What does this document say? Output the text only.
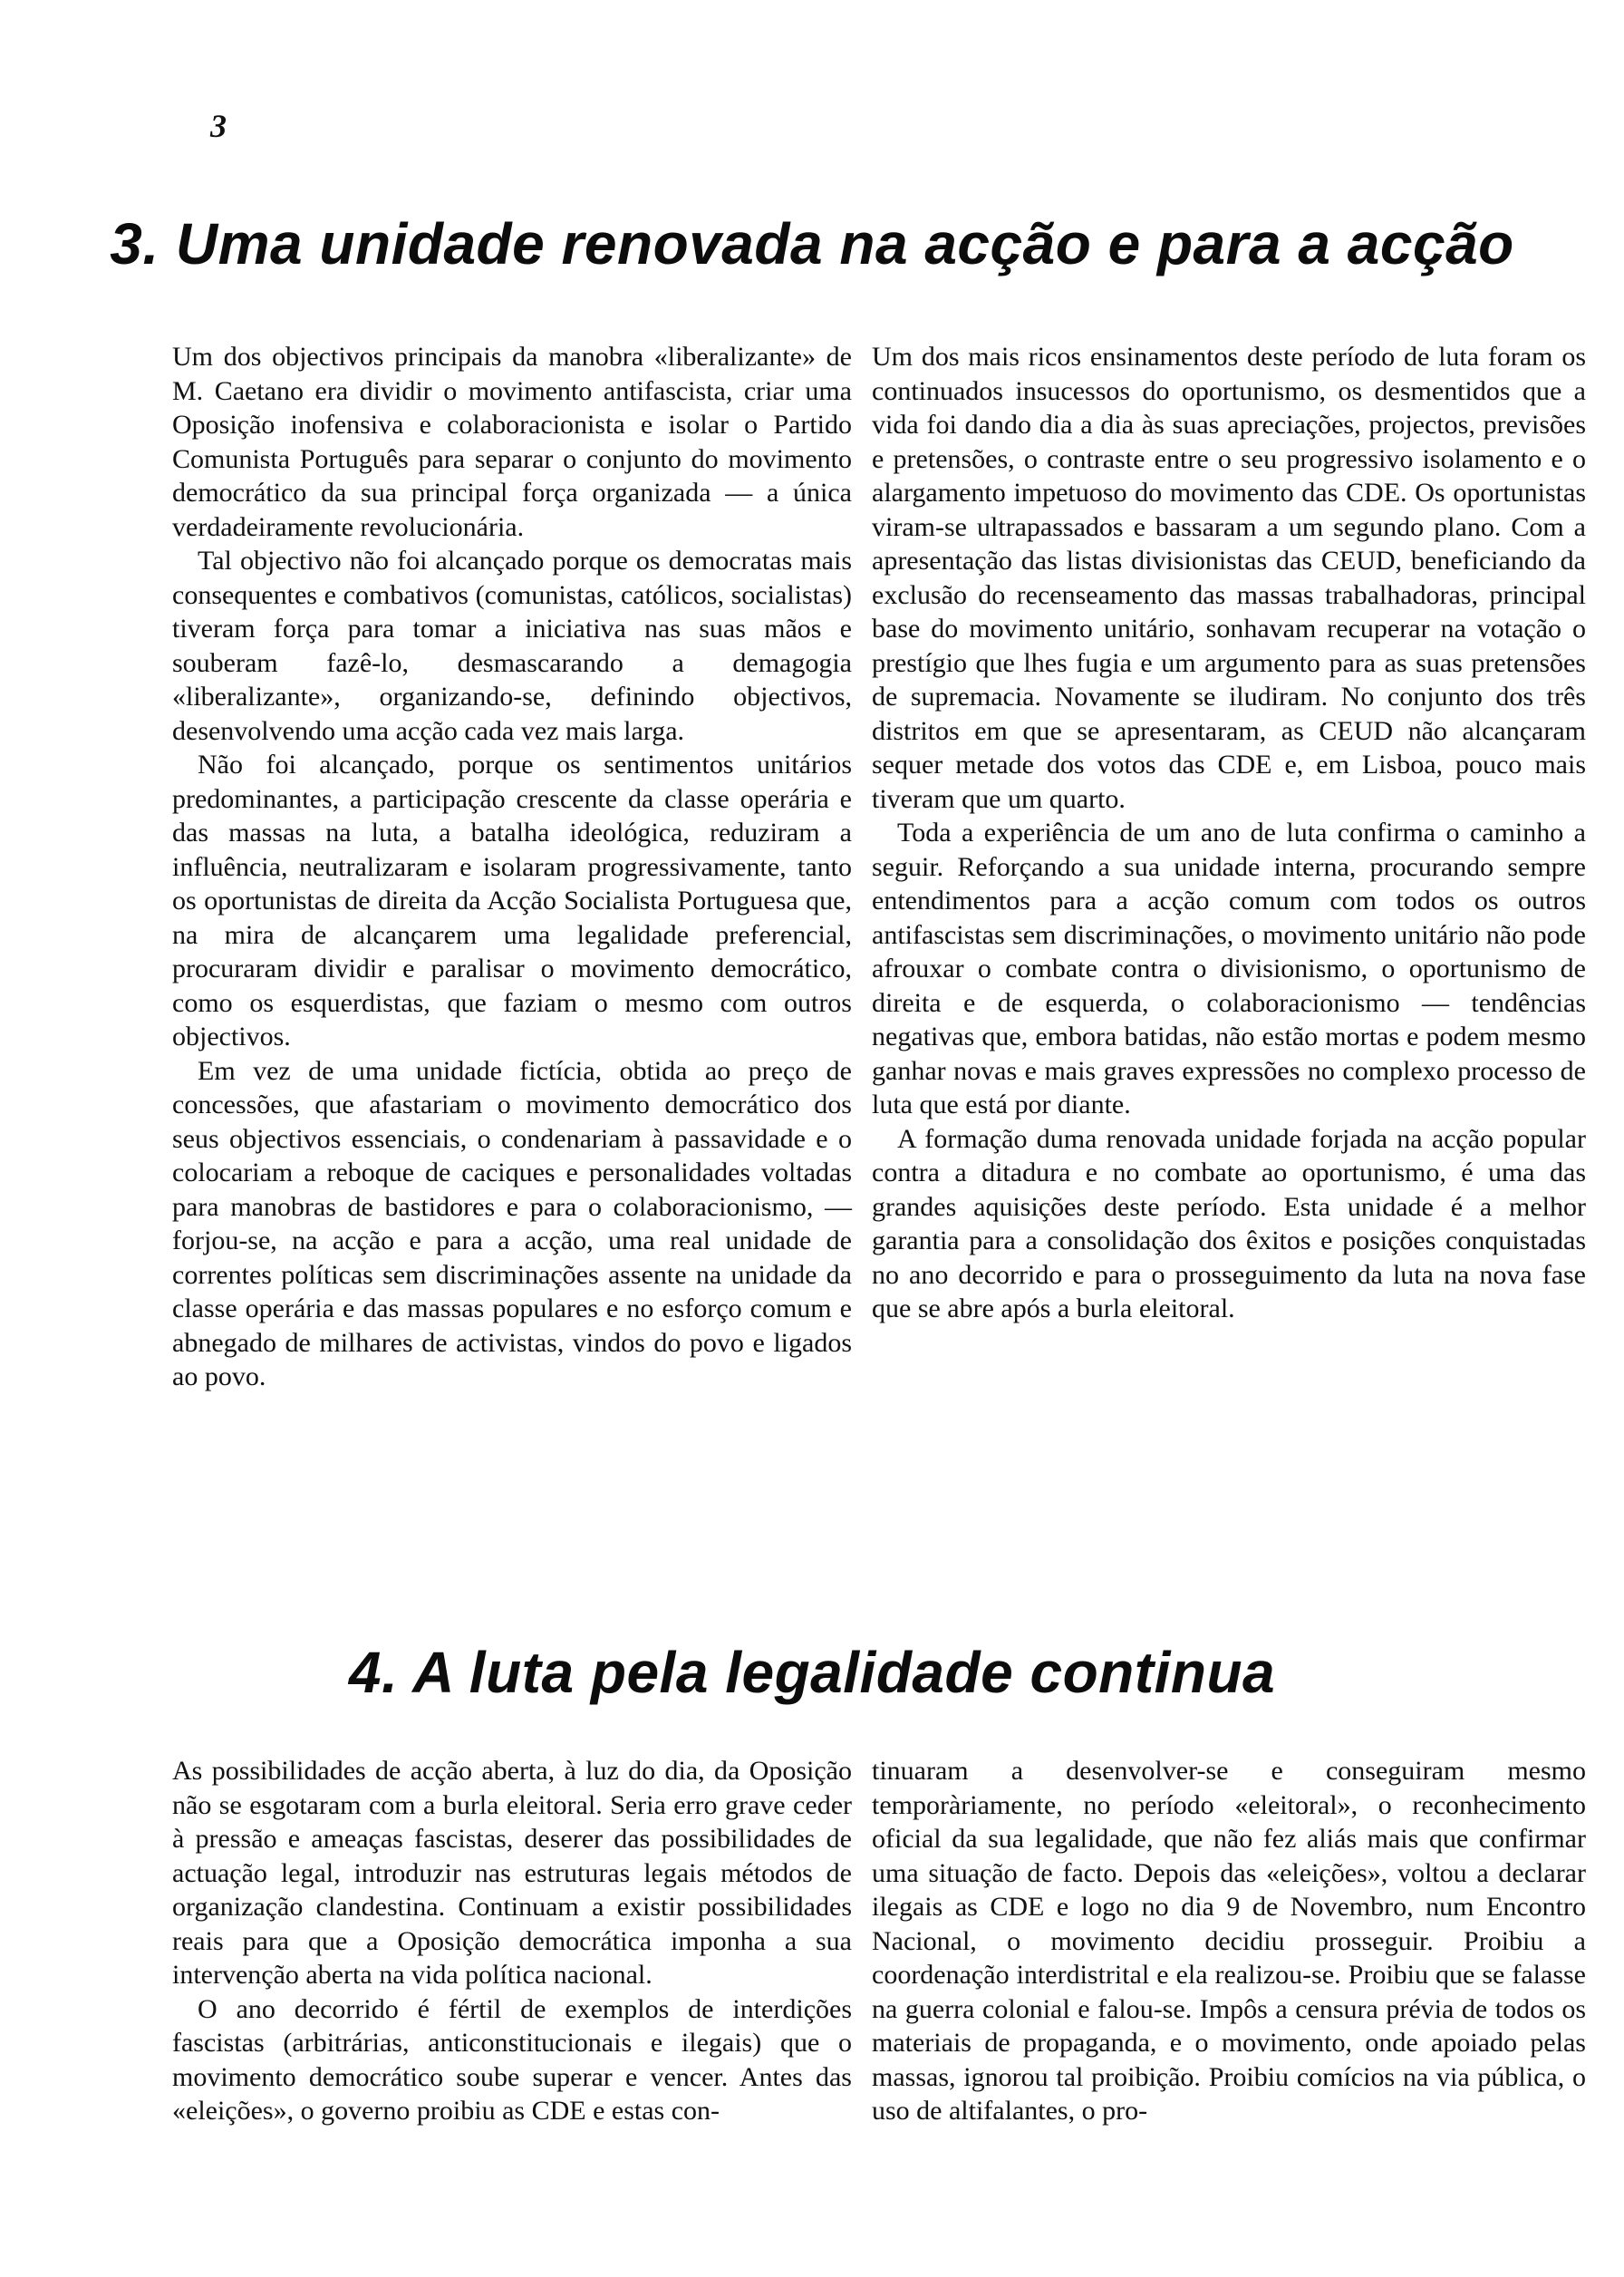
3
3. Uma unidade renovada na acção e para a acção

Um dos objectivos principais da manobra «liberalizante» de M. Caetano era dividir o movimento antifascista, criar uma Oposição inofensiva e colaboracionista e isolar o Partido Comunista Português para separar o conjunto do movimento democrático da sua principal força organizada — a única verdadeiramente revolucionária.

Tal objectivo não foi alcançado porque os democratas mais consequentes e combativos (comunistas, católicos, socialistas) tiveram força para tomar a iniciativa nas suas mãos e souberam fazê-lo, desmascarando a demagogia «liberalizante», organizando-se, definindo objectivos, desenvolvendo uma acção cada vez mais larga.

Não foi alcançado, porque os sentimentos unitários predominantes, a participação crescente da classe operária e das massas na luta, a batalha ideológica, reduziram a influência, neutralizaram e isolaram progressivamente, tanto os oportunistas de direita da Acção Socialista Portuguesa que, na mira de alcançarem uma legalidade preferencial, procuraram dividir e paralisar o movimento democrático, como os esquerdistas, que faziam o mesmo com outros objectivos.

Em vez de uma unidade fictícia, obtida ao preço de concessões, que afastariam o movimento democrático dos seus objectivos essenciais, o condenariam à passavidade e o colocariam a reboque de caciques e personalidades voltadas para manobras de bastidores e para o colaboracionismo, — forjou-se, na acção e para a acção, uma real unidade de correntes políticas sem discriminações assente na unidade da classe operária e das massas populares e no esforço comum e abnegado de milhares de activistas, vindos do povo e ligados ao povo.

Um dos mais ricos ensinamentos deste período de luta foram os continuados insucessos do oportunismo, os desmentidos que a vida foi dando dia a dia às suas apreciações, projectos, previsões e pretensões, o contraste entre o seu progressivo isolamento e o alargamento impetuoso do movimento das CDE. Os oportunistas viram-se ultrapassados e bassaram a um segundo plano. Com a apresentação das listas divisionistas das CEUD, beneficiando da exclusão do recenseamento das massas trabalhadoras, principal base do movimento unitário, sonhavam recuperar na votação o prestígio que lhes fugia e um argumento para as suas pretensões de supremacia. Novamente se iludiram. No conjunto dos três distritos em que se apresentaram, as CEUD não alcançaram sequer metade dos votos das CDE e, em Lisboa, pouco mais tiveram que um quarto.

Toda a experiência de um ano de luta confirma o caminho a seguir. Reforçando a sua unidade interna, procurando sempre entendimentos para a acção comum com todos os outros antifascistas sem discriminações, o movimento unitário não pode afrouxar o combate contra o divisionismo, o oportunismo de direita e de esquerda, o colaboracionismo — tendências negativas que, embora batidas, não estão mortas e podem mesmo ganhar novas e mais graves expressões no complexo processo de luta que está por diante.

A formação duma renovada unidade forjada na acção popular contra a ditadura e no combate ao oportunismo, é uma das grandes aquisições deste período. Esta unidade é a melhor garantia para a consolidação dos êxitos e posições conquistadas no ano decorrido e para o prosseguimento da luta na nova fase que se abre após a burla eleitoral.

4. A luta pela legalidade continua

As possibilidades de acção aberta, à luz do dia, da Oposição não se esgotaram com a burla eleitoral. Seria erro grave ceder à pressão e ameaças fascistas, deserer das possibilidades de actuação legal, introduzir nas estruturas legais métodos de organização clandestina. Continuam a existir possibilidades reais para que a Oposição democrática imponha a sua intervenção aberta na vida política nacional.

O ano decorrido é fértil de exemplos de interdições fascistas (arbitrárias, anticonstitucionais e ilegais) que o movimento democrático soube superar e vencer. Antes das «eleições», o governo proibiu as CDE e estas con-

tinuaram a desenvolver-se e conseguiram mesmo temporàriamente, no período «eleitoral», o reconhecimento oficial da sua legalidade, que não fez aliás mais que confirmar uma situação de facto. Depois das «eleições», voltou a declarar ilegais as CDE e logo no dia 9 de Novembro, num Encontro Nacional, o movimento decidiu prosseguir. Proibiu a coordenação interdistrital e ela realizou-se. Proibiu que se falasse na guerra colonial e falou-se. Impôs a censura prévia de todos os materiais de propaganda, e o movimento, onde apoiado pelas massas, ignorou tal proibição. Proibiu comícios na via pública, o uso de altifalantes, o pro-
